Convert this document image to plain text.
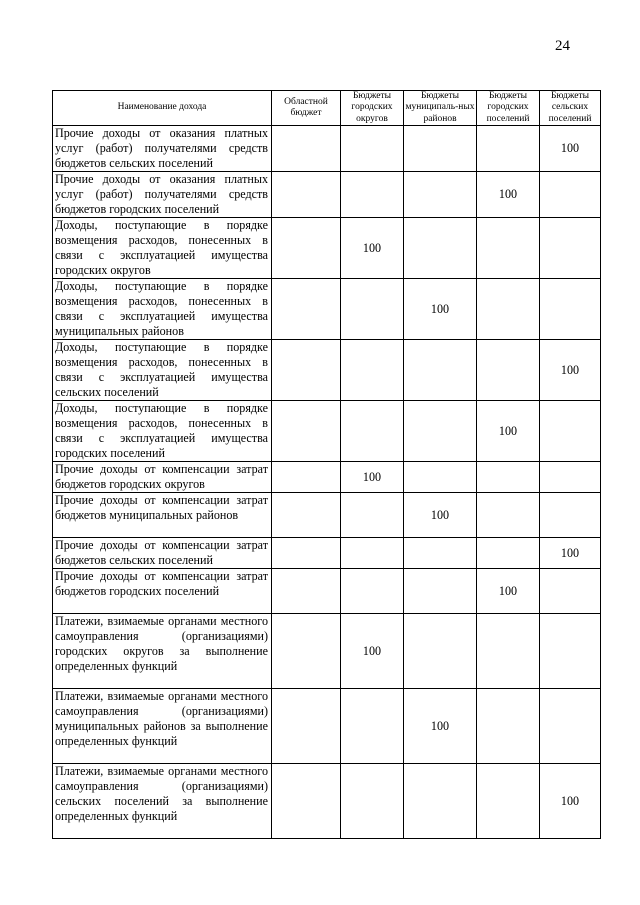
24
Наименование дохода	Областной бюджет	Бюджеты городских округов	Бюджеты муниципаль-ных районов	Бюджеты городских поселений	Бюджеты сельских поселений
Прочие доходы от оказания платных услуг (работ) получателями средств бюджетов сельских поселений					100
Прочие доходы от оказания платных услуг (работ) получателями средств бюджетов городских поселений				100	
Доходы, поступающие в порядке возмещения расходов, понесенных в связи с эксплуатацией имущества городских округов		100			
Доходы, поступающие в порядке возмещения расходов, понесенных в связи с эксплуатацией имущества муниципальных районов			100		
Доходы, поступающие в порядке возмещения расходов, понесенных в связи с эксплуатацией имущества сельских поселений					100
Доходы, поступающие в порядке возмещения расходов, понесенных в связи с эксплуатацией имущества городских поселений				100	
Прочие доходы от компенсации затрат бюджетов городских округов		100			
Прочие доходы от компенсации затрат бюджетов муниципальных районов			100		
Прочие доходы от компенсации затрат бюджетов сельских поселений					100
Прочие доходы от компенсации затрат бюджетов городских поселений				100	
Платежи, взимаемые органами местного самоуправления (организациями) городских округов за выполнение определенных функций		100			
Платежи, взимаемые органами местного самоуправления (организациями) муниципальных районов за выполнение определенных функций			100		
Платежи, взимаемые органами местного самоуправления (организациями) сельских поселений за выполнение определенных функций					100
